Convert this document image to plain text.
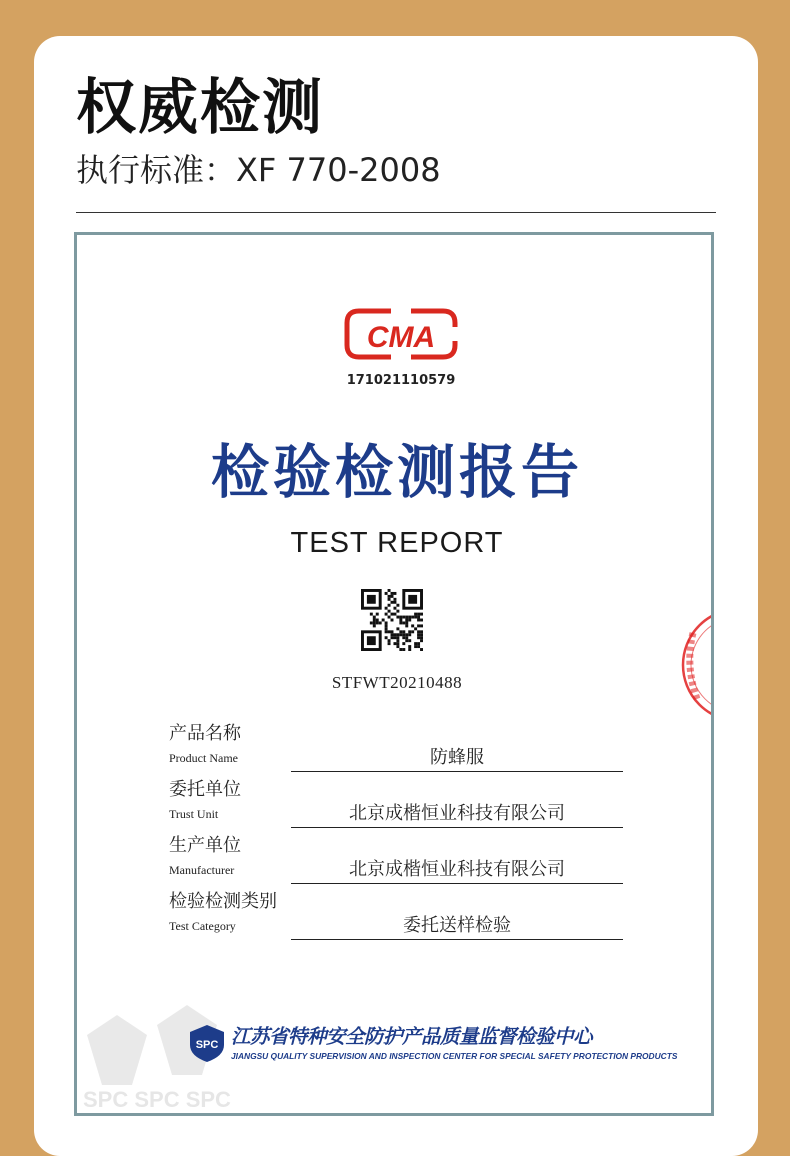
权威检测
执行标准：XF 770-2008
CMA
171021110579
检验检测报告
TEST REPORT
STFWT20210488
产品名称
Product Name	防蜂服
委托单位
Trust Unit	北京成楷恒业科技有限公司
生产单位
Manufacturer	北京成楷恒业科技有限公司
检验检测类别
Test Category	委托送样检验
SPC SPC SPC
SPC 江苏省特种安全防护产品质量监督检验中心
JIANGSU QUALITY SUPERVISION AND INSPECTION CENTER FOR SPECIAL SAFETY PROTECTION PRODUCTS
